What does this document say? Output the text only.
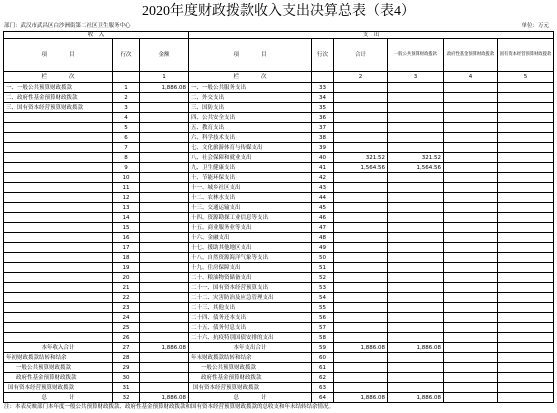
2020年度财政拨款收入支出决算总表（表4）
部门：武汉市武昌区白沙洲街第二社区卫生服务中心	单位：万元
收　入			支　出					
项　　　　目	行次	金额	项　　　　目	行次	合计	一般公共预算财政拨款	政府性基金预算财政拨款	国有资本经营预算财政拨款
栏　　　　次		1	栏　　　　次		2	3	4	5
一、一般公共预算财政拨款	1	1,886.08	一、一般公共服务支出	33				
二、政府性基金预算财政拨款	2		二、外交支出	34				
三、国有资本经营预算财政拨款	3		三、国防支出	35				
	4		四、公共安全支出	36				
	5		五、教育支出	37				
	6		六、科学技术支出	38				
	7		七、文化旅游体育与传媒支出	39				
	8		八、社会保障和就业支出	40	321.52	321.52		
	9		九、卫生健康支出	41	1,564.56	1,564.56		
	10		十、节能环保支出	42				
	11		十一、城乡社区支出	43				
	12		十二、农林水支出	44				
	13		十三、交通运输支出	45				
	14		十四、资源勘探工业信息等支出	46				
	15		十五、商业服务业等支出	47				
	16		十六、金融支出	48				
	17		十七、援助其他地区支出	49				
	18		十八、自然资源海洋气象等支出	50				
	19		十九、住房保障支出	51				
	20		二十、粮油物资储备支出	52				
	21		二十一、国有资本经营预算支出	53				
	22		二十二、灾害防治及应急管理支出	54				
	23		二十三、其他支出	55				
	24		二十四、债务还本支出	56				
	25		二十五、债务付息支出	57				
	26		二十六、抗疫特别国债安排的支出	58				
本年收入合计	27	1,886.08	本年支出合计	59	1,886.08	1,886.08		
年初财政拨款结转和结余	28		年末财政拨款结转和结余	60				
一般公共预算财政拨款	29		一般公共预算财政拨款	61				
政府性基金预算财政拨款	30		政府性基金预算财政拨款	62				
国有资本经营预算财政拨款	31		国有资本经营预算财政拨款	63				
总　　　　计	32	1,886.08	总　　　　计	64	1,886.08	1,886.08		
注：本表反映部门本年度一般公共预算财政拨款、政府性基金预算财政拨款和国有资本经营预算财政拨款的总收支和年末结转结余情况。
